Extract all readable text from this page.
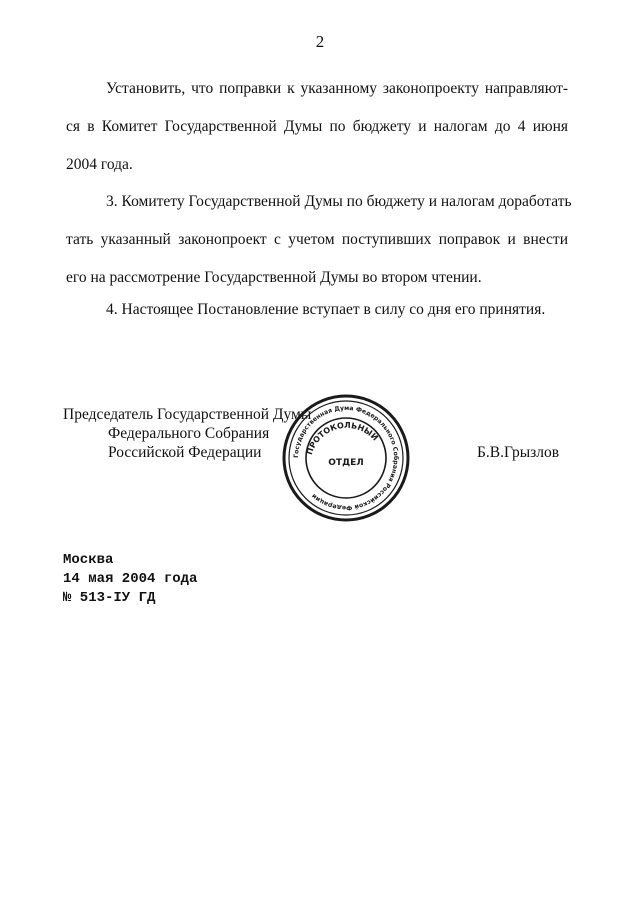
2
Установить, что поправки к указанному законопроекту направляют-
ся в Комитет Государственной Думы по бюджету и налогам до 4 июня
2004 года.
3. Комитету Государственной Думы по бюджету и налогам доработать
тать указанный законопроект с учетом поступивших поправок и внести
его на рассмотрение Государственной Думы во втором чтении.
4. Настоящее Постановление вступает в силу со дня его принятия.
Председатель Государственной Думы
Федерального Собрания
Российской Федерации	Б.В.Грызлов
Государственная Дума Федерального Собрания Российской Федерации
ПРОТОКОЛЬНЫЙ
ОТДЕЛ
Москва
14 мая 2004 года
№ 513-IУ ГД
